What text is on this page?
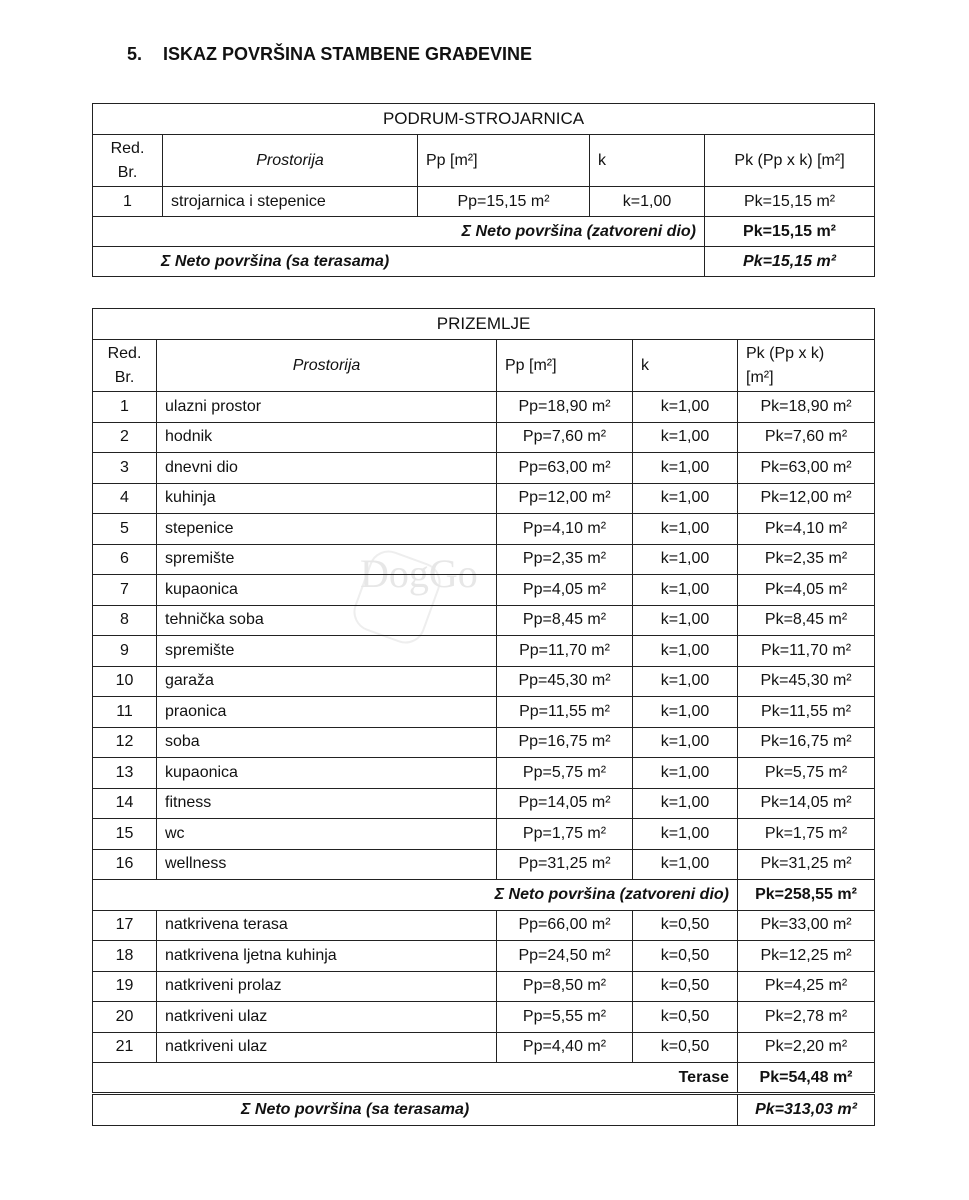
5. ISKAZ POVRŠINA STAMBENE GRAĐEVINE
DogGo
PODRUM-STROJARNICA				
Red.
Br.	Prostorija	Pp [m²]	k	Pk (Pp x k) [m²]
1	strojarnica i stepenice	Pp=15,15 m²	k=1,00	Pk=15,15 m²
Σ Neto površina (zatvoreni dio)				Pk=15,15 m²
Σ Neto površina (sa terasama)				Pk=15,15 m²
PRIZEMLJE				
Red.
Br.	Prostorija	Pp [m²]	k	Pk (Pp x k)
[m²]
1	ulazni prostor	Pp=18,90 m²	k=1,00	Pk=18,90 m²
2	hodnik	Pp=7,60 m²	k=1,00	Pk=7,60 m²
3	dnevni dio	Pp=63,00 m²	k=1,00	Pk=63,00 m²
4	kuhinja	Pp=12,00 m²	k=1,00	Pk=12,00 m²
5	stepenice	Pp=4,10 m²	k=1,00	Pk=4,10 m²
6	spremište	Pp=2,35 m²	k=1,00	Pk=2,35 m²
7	kupaonica	Pp=4,05 m²	k=1,00	Pk=4,05 m²
8	tehnička soba	Pp=8,45 m²	k=1,00	Pk=8,45 m²
9	spremište	Pp=11,70 m²	k=1,00	Pk=11,70 m²
10	garaža	Pp=45,30 m²	k=1,00	Pk=45,30 m²
11	praonica	Pp=11,55 m²	k=1,00	Pk=11,55 m²
12	soba	Pp=16,75 m²	k=1,00	Pk=16,75 m²
13	kupaonica	Pp=5,75 m²	k=1,00	Pk=5,75 m²
14	fitness	Pp=14,05 m²	k=1,00	Pk=14,05 m²
15	wc	Pp=1,75 m²	k=1,00	Pk=1,75 m²
16	wellness	Pp=31,25 m²	k=1,00	Pk=31,25 m²
Σ Neto površina (zatvoreni dio)				Pk=258,55 m²
17	natkrivena terasa	Pp=66,00 m²	k=0,50	Pk=33,00 m²
18	natkrivena ljetna kuhinja	Pp=24,50 m²	k=0,50	Pk=12,25 m²
19	natkriveni prolaz	Pp=8,50 m²	k=0,50	Pk=4,25 m²
20	natkriveni ulaz	Pp=5,55 m²	k=0,50	Pk=2,78 m²
21	natkriveni ulaz	Pp=4,40 m²	k=0,50	Pk=2,20 m²
Terase				Pk=54,48 m²
Σ Neto površina (sa terasama)				Pk=313,03 m²
